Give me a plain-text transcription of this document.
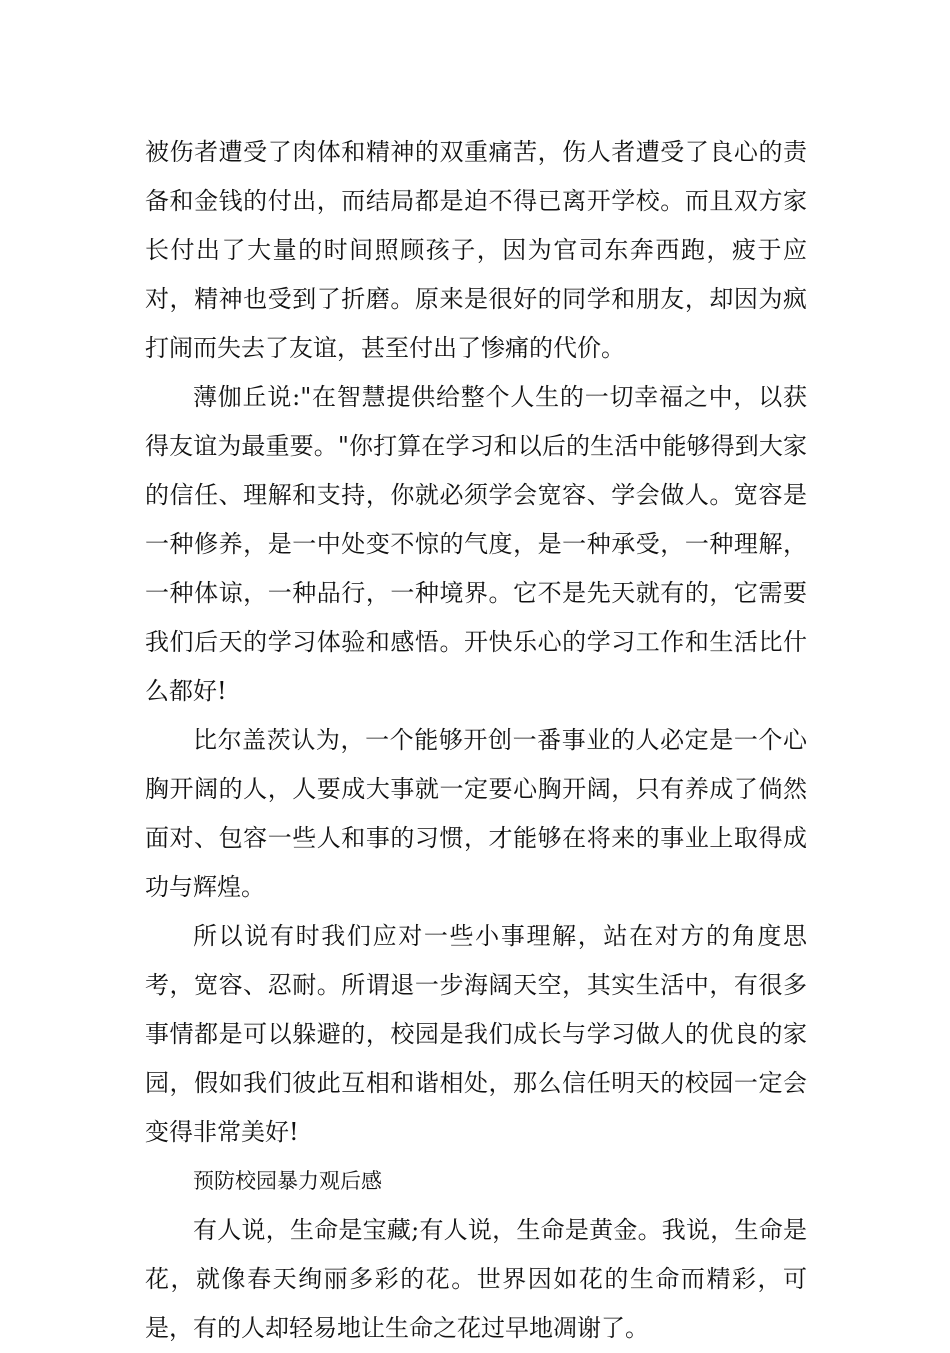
被伤者遭受了肉体和精神的双重痛苦，伤人者遭受了良心的责备和金钱的付出，而结局都是迫不得已离开学校。而且双方家长付出了大量的时间照顾孩子，因为官司东奔西跑，疲于应对，精神也受到了折磨。原来是很好的同学和朋友，却因为疯打闹而失去了友谊，甚至付出了惨痛的代价。

薄伽丘说:"在智慧提供给整个人生的一切幸福之中，以获得友谊为最重要。"你打算在学习和以后的生活中能够得到大家的信任、理解和支持，你就必须学会宽容、学会做人。宽容是一种修养，是一中处变不惊的气度，是一种承受，一种理解，一种体谅，一种品行，一种境界。它不是先天就有的，它需要我们后天的学习体验和感悟。开快乐心的学习工作和生活比什么都好!

比尔盖茨认为，一个能够开创一番事业的人必定是一个心胸开阔的人，人要成大事就一定要心胸开阔，只有养成了倘然面对、包容一些人和事的习惯，才能够在将来的事业上取得成功与辉煌。

所以说有时我们应对一些小事理解，站在对方的角度思考，宽容、忍耐。所谓退一步海阔天空，其实生活中，有很多事情都是可以躲避的，校园是我们成长与学习做人的优良的家园，假如我们彼此互相和谐相处，那么信任明天的校园一定会变得非常美好!

预防校园暴力观后感

有人说，生命是宝藏;有人说，生命是黄金。我说，生命是花，就像春天绚丽多彩的花。世界因如花的生命而精彩，可是，有的人却轻易地让生命之花过早地凋谢了。
